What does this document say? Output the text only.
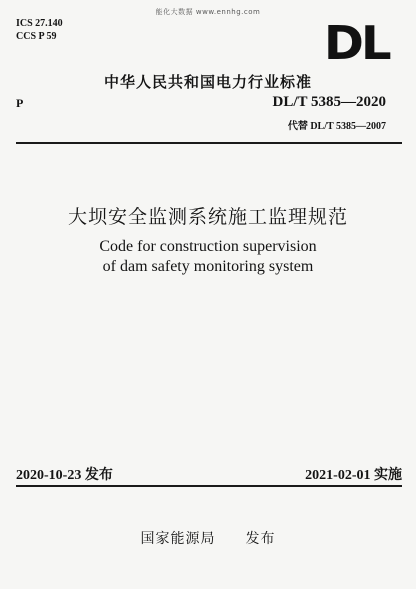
能化大数据 www.ennhg.com
ICS 27.140
CCS P 59	DL
中华人民共和国电力行业标准
P	DL/T 5385—2020
代替 DL/T 5385—2007
大坝安全监测系统施工监理规范
Code for construction supervision
of dam safety monitoring system
2020-10-23 发布	2021-02-01 实施
国家能源局　　发布
